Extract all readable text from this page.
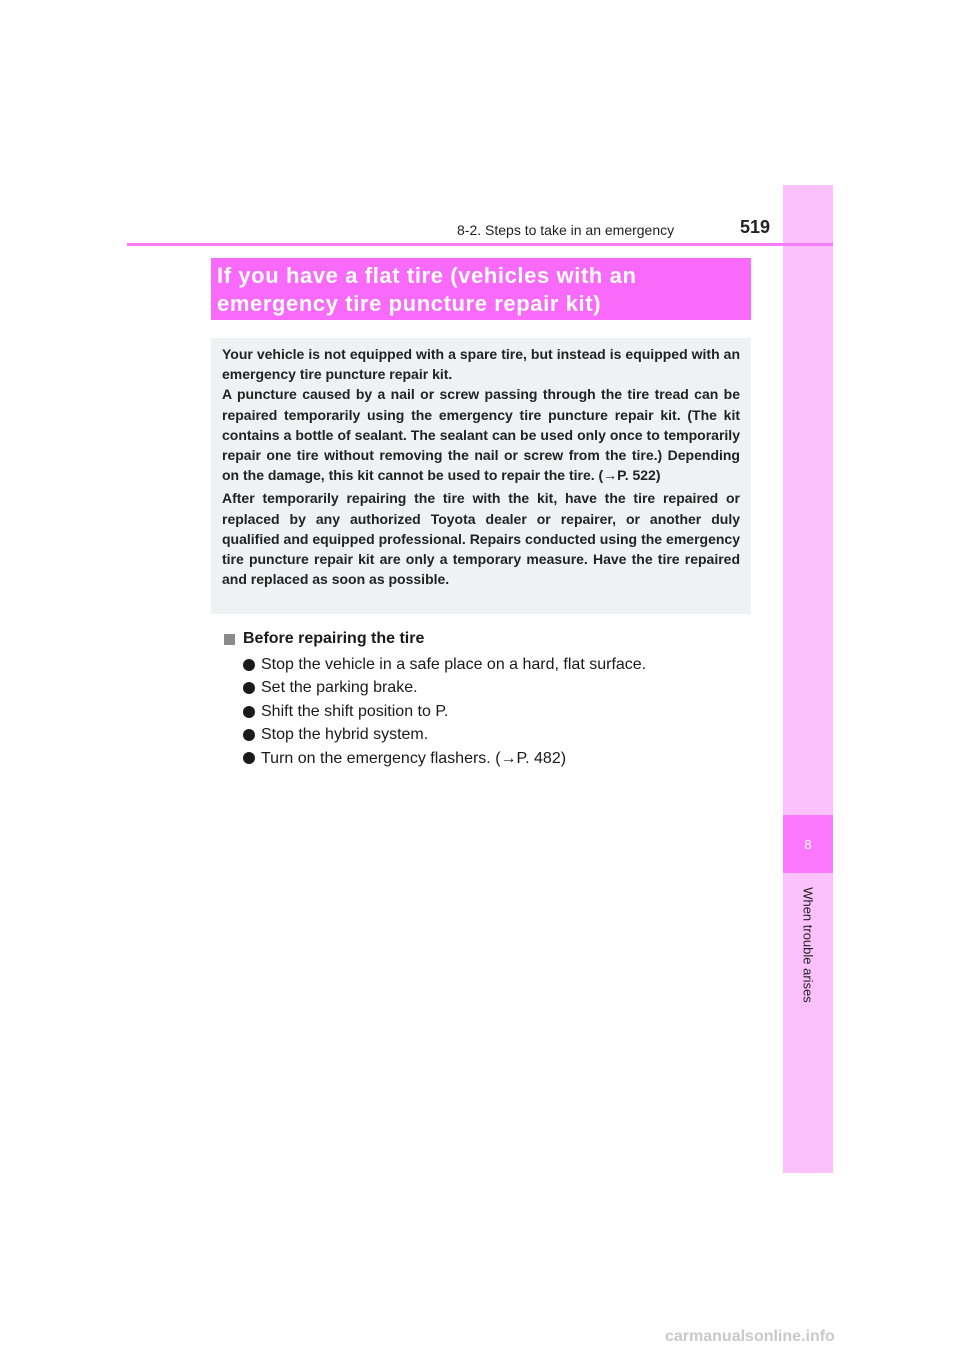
8
When trouble arises
8-2. Steps to take in an emergency	519
If you have a flat tire (vehicles with an
emergency tire puncture repair kit)

Your vehicle is not equipped with a spare tire, but instead is equipped with an emergency tire puncture repair kit.

A puncture caused by a nail or screw passing through the tire tread can be repaired temporarily using the emergency tire puncture repair kit. (The kit contains a bottle of sealant. The sealant can be used only once to temporarily repair one tire without removing the nail or screw from the tire.) Depending on the damage, this kit cannot be used to repair the tire. (→P. 522)

After temporarily repairing the tire with the kit, have the tire repaired or replaced by any authorized Toyota dealer or repairer, or another duly qualified and equipped professional. Repairs conducted using the emergency tire puncture repair kit are only a temporary measure. Have the tire repaired and replaced as soon as possible.

Before repairing the tire
Stop the vehicle in a safe place on a hard, flat surface.
Set the parking brake.
Shift the shift position to P.
Stop the hybrid system.
Turn on the emergency flashers. (→P. 482)
carmanualsonline.info
